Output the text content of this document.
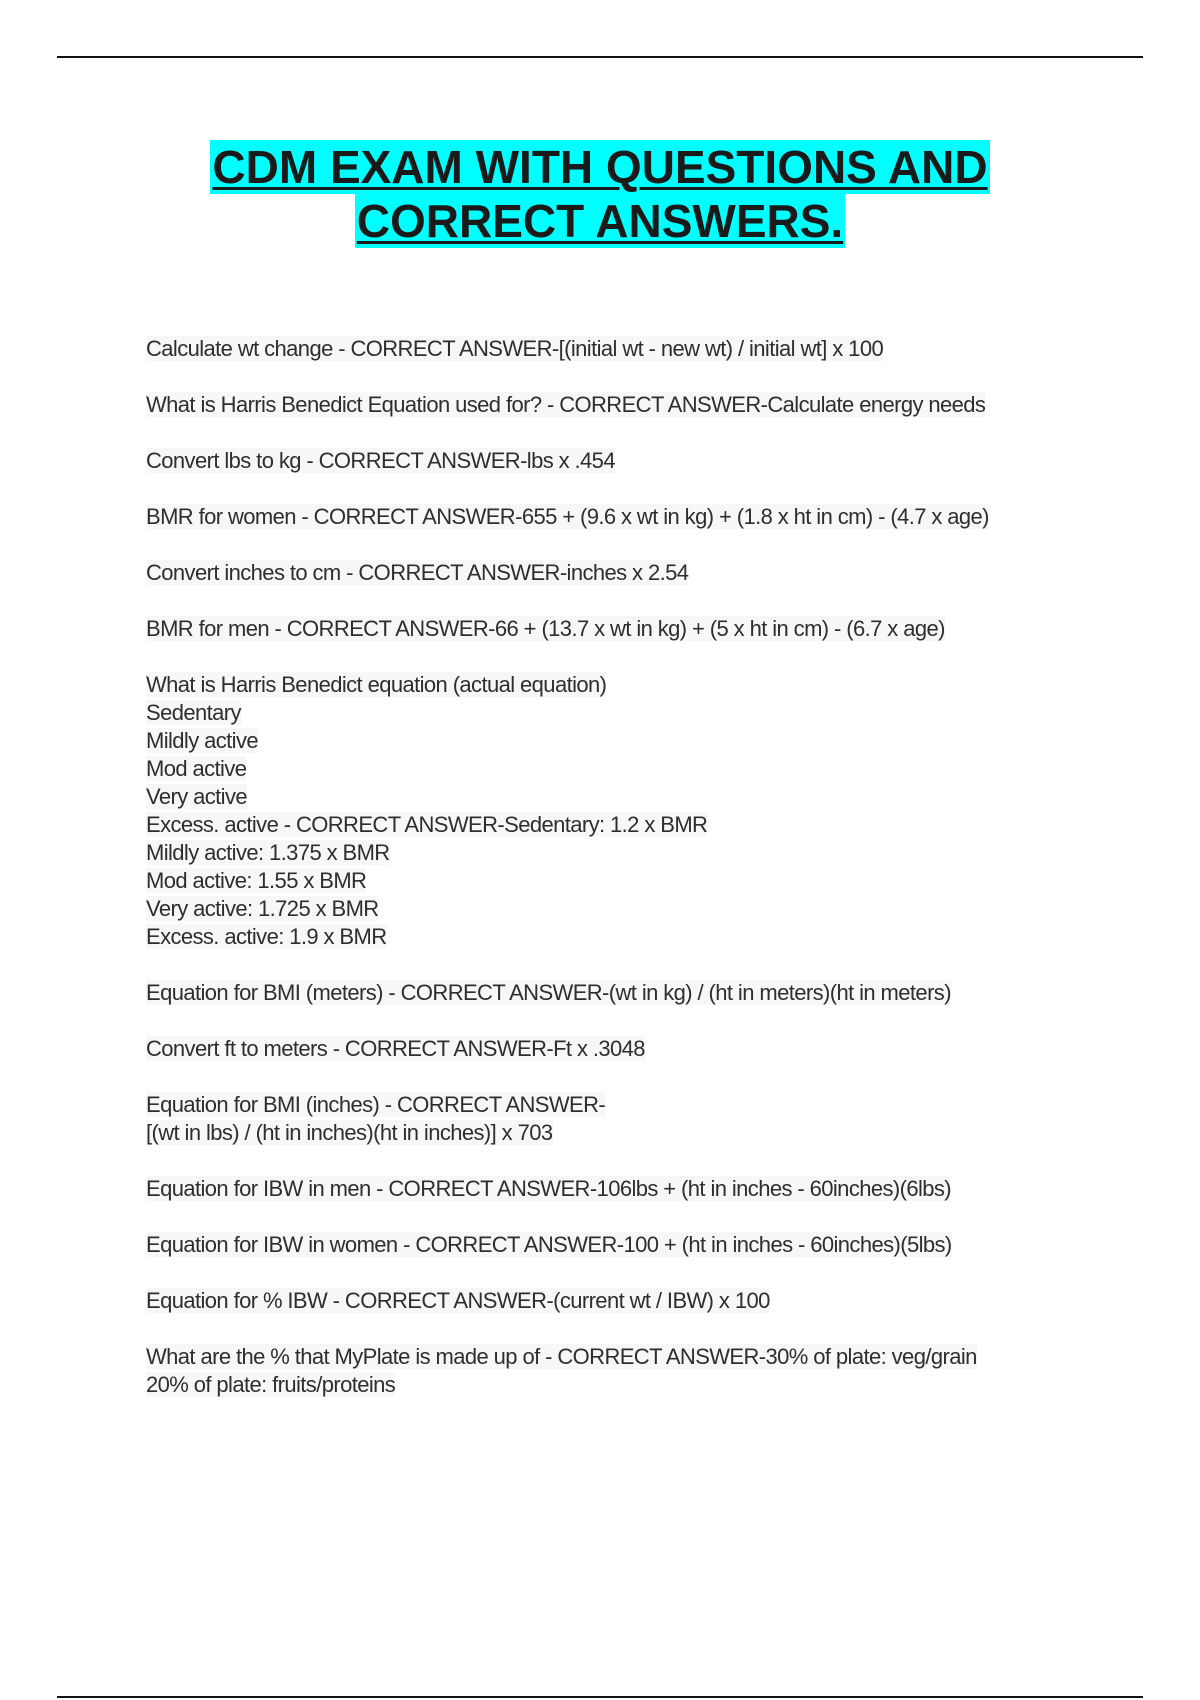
CDM EXAM WITH QUESTIONS AND
CORRECT ANSWERS.
Calculate wt change - CORRECT ANSWER-[(initial wt - new wt) / initial wt] x 100
What is Harris Benedict Equation used for? - CORRECT ANSWER-Calculate energy needs
Convert lbs to kg - CORRECT ANSWER-lbs x .454
BMR for women - CORRECT ANSWER-655 + (9.6 x wt in kg) + (1.8 x ht in cm) - (4.7 x age)
Convert inches to cm - CORRECT ANSWER-inches x 2.54
BMR for men - CORRECT ANSWER-66 + (13.7 x wt in kg) + (5 x ht in cm) - (6.7 x age)
What is Harris Benedict equation (actual equation)
Sedentary
Mildly active
Mod active
Very active
Excess. active - CORRECT ANSWER-Sedentary: 1.2 x BMR
Mildly active: 1.375 x BMR
Mod active: 1.55 x BMR
Very active: 1.725 x BMR
Excess. active: 1.9 x BMR
Equation for BMI (meters) - CORRECT ANSWER-(wt in kg) / (ht in meters)(ht in meters)
Convert ft to meters - CORRECT ANSWER-Ft x .3048
Equation for BMI (inches) - CORRECT ANSWER-
[(wt in lbs) / (ht in inches)(ht in inches)] x 703
Equation for IBW in men - CORRECT ANSWER-106lbs + (ht in inches - 60inches)(6lbs)
Equation for IBW in women - CORRECT ANSWER-100 + (ht in inches - 60inches)(5lbs)
Equation for % IBW - CORRECT ANSWER-(current wt / IBW) x 100
What are the % that MyPlate is made up of - CORRECT ANSWER-30% of plate: veg/grain
20% of plate: fruits/proteins
